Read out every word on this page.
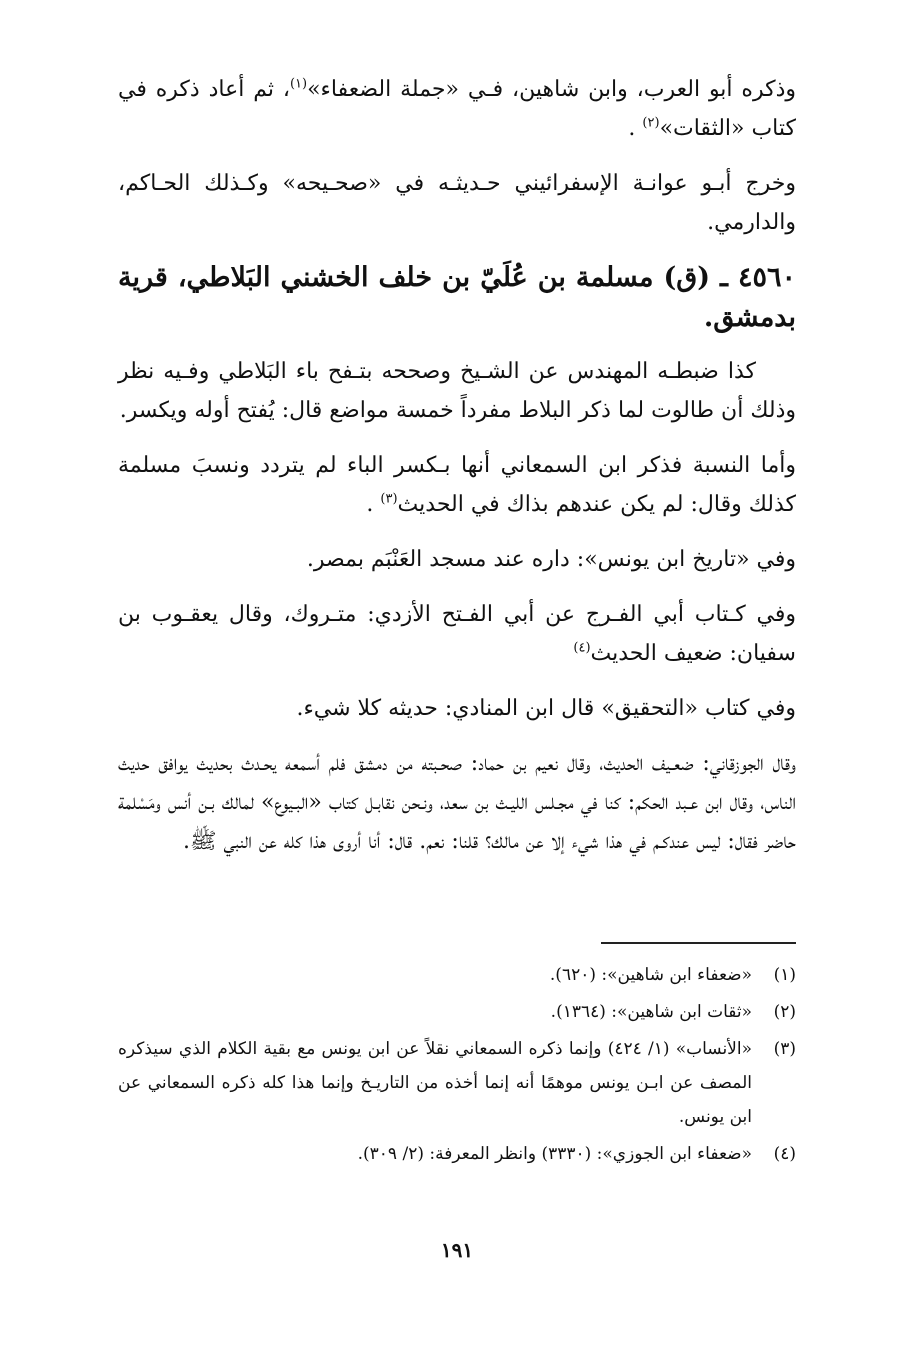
وذكره أبو العرب، وابن شاهين، فـي «جملة الضعفاء»$^{(١)}$، ثم أعاد ذكره في كتاب «الثقات»$^{(٢)}$ .

وخرج أبـو عوانـة الإسفرائيني حـديثـه في «صحـيحه» وكـذلك الحـاكم، والدارمي.

٤٥٦٠ ـ (ق) مسلمة بن عُلَيّ بن خلف الخشني البَلاطي، قرية بدمشق.

كذا ضبطـه المهندس عن الشـيخ وصححه بتـفح باء البَلاطي وفـيه نظر وذلك أن طالوت لما ذكر البلاط مفرداً خمسة مواضع قال: يُفتح أوله ويكسر.

وأما النسبة فذكر ابن السمعاني أنها بـكسر الباء لم يتردد ونسبَ مسلمة كذلك وقال: لم يكن عندهم بذاك في الحديث$^{(٣)}$ .

وفي «تاريخ ابن يونس»: داره عند مسجد العَنْبَم بمصر.

وفي كـتاب أبي الفـرج عن أبي الفـتح الأزدي: متـروك، وقال يعقـوب بن سفيان: ضعيف الحديث$^{(٤)}$

وفي كتاب «التحقيق» قال ابن المنادي: حديثه كلا شيء.

وقال الجوزقاني: ضعـيف الحديث، وقال نعيم بن حماد: صحـبته من دمشق فلم أسمعه يحـدث بحديث يوافق حديث الناس، وقال ابن عـبد الحكم: كنا في مجـلس الليـث بن سعد، ونـحن نقابـل كتاب «البـيوع» لمالك بـن أنس ومَسْلمة حاضر فقال: ليس عندكـم في هذا شيء إلا عن مالك؟ قلنا: نعم. قال: أنا أروى هذا كله عن النبي ﷺ.

(١)
«ضعفاء ابن شاهين»: (٦٢٠).
(٢)
«ثقات ابن شاهين»: (١٣٦٤).
(٣)
«الأنساب» (١/ ٤٢٤) وإنما ذكره السمعاني نقلاً عن ابن يونس مع بقية الكلام الذي سيذكره المصف عن ابـن يونس موهمًا أنه إنما أخذه من التاريـخ وإنما هذا كله ذكره السمعاني عن ابن يونس.
(٤)
«ضعفاء ابن الجوزي»: (٣٣٣٠) وانظر المعرفة: (٢/ ٣٠٩).
١٩١
